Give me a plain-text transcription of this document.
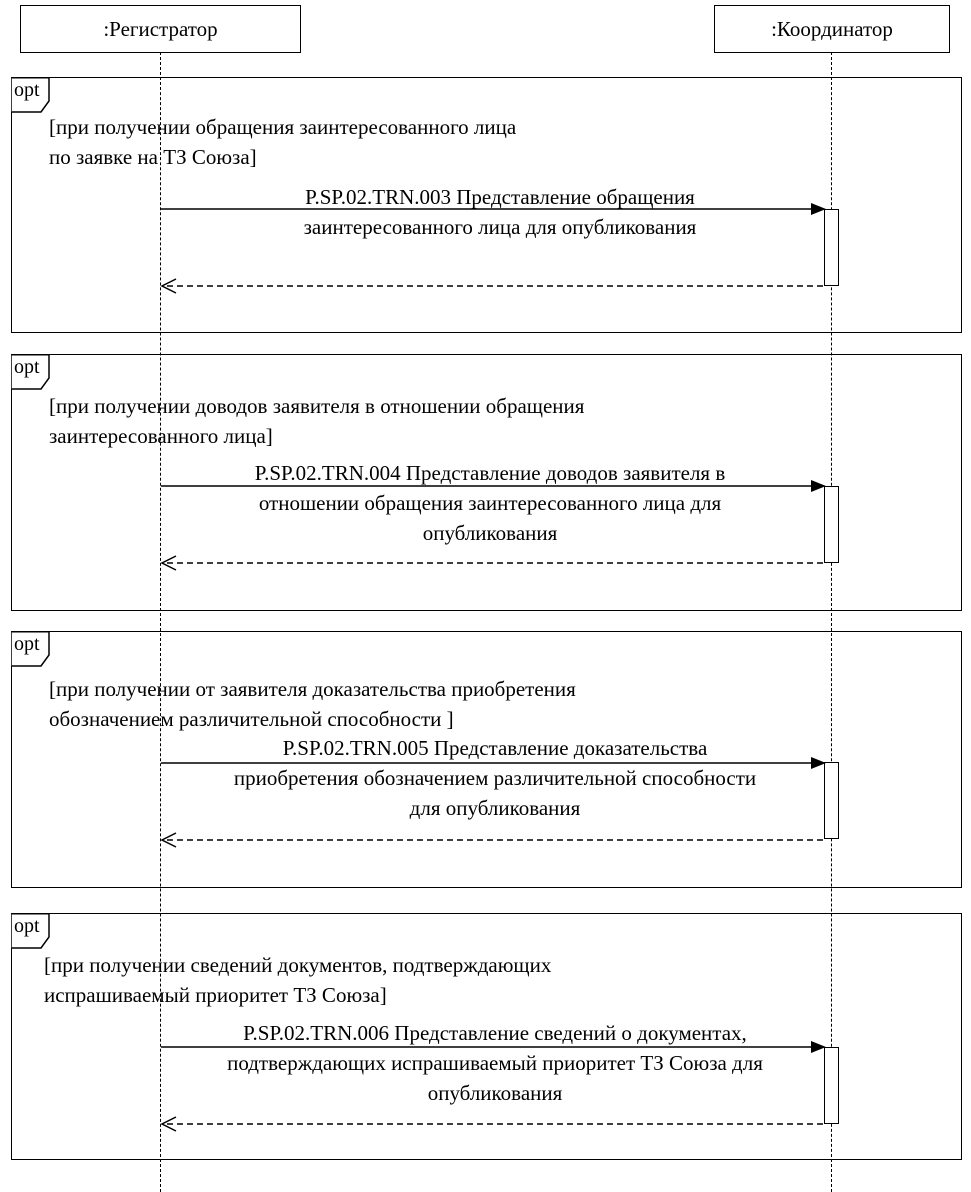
:Регистратор	:Координатор
opt
[при получении обращения заинтересованного лица
по заявке на ТЗ Союза]
P.SP.02.TRN.003 Представление обращения
заинтересованного лица для опубликования
opt
[при получении доводов заявителя в отношении обращения
заинтересованного лица]
P.SP.02.TRN.004 Представление доводов заявителя в
отношении обращения заинтересованного лица для
опубликования
opt
[при получении от заявителя доказательства приобретения
обозначением различительной способности ]
P.SP.02.TRN.005 Представление доказательства
приобретения обозначением различительной способности
для опубликования
opt
[при получении сведений документов, подтверждающих
испрашиваемый приоритет ТЗ Союза]
P.SP.02.TRN.006 Представление сведений о документах,
подтверждающих испрашиваемый приоритет ТЗ Союза для
опубликования
